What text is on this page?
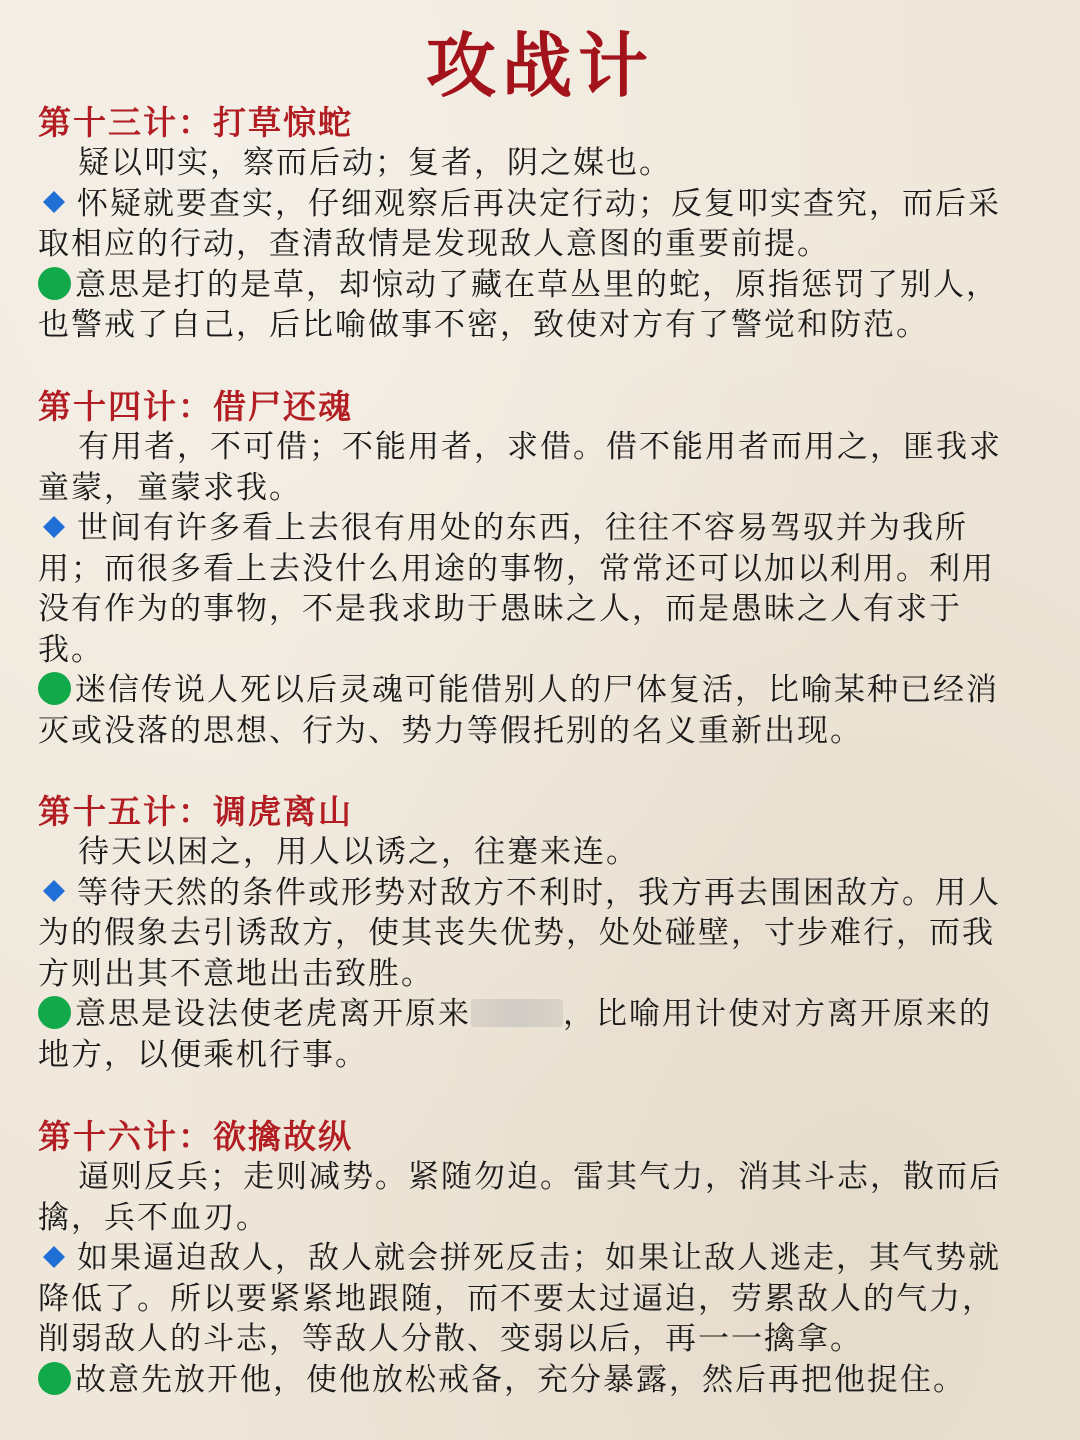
攻战计
第十三计：打草惊蛇
疑以叩实，察而后动；复者，阴之媒也。
怀疑就要查实，仔细观察后再决定行动；反复叩实查究，而后采
取相应的行动，查清敌情是发现敌人意图的重要前提。
意思是打的是草，却惊动了藏在草丛里的蛇，原指惩罚了别人，
也警戒了自己，后比喻做事不密，致使对方有了警觉和防范。
第十四计：借尸还魂
有用者，不可借；不能用者，求借。借不能用者而用之，匪我求
童蒙，童蒙求我。
世间有许多看上去很有用处的东西，往往不容易驾驭并为我所
用；而很多看上去没什么用途的事物，常常还可以加以利用。利用
没有作为的事物，不是我求助于愚昧之人，而是愚昧之人有求于
我。
迷信传说人死以后灵魂可能借别人的尸体复活，比喻某种已经消
灭或没落的思想、行为、势力等假托别的名义重新出现。
第十五计：调虎离山
待天以困之，用人以诱之，往蹇来连。
等待天然的条件或形势对敌方不利时，我方再去围困敌方。用人
为的假象去引诱敌方，使其丧失优势，处处碰壁，寸步难行，而我
方则出其不意地出击致胜。
意思是设法使老虎离开原来	，比喻用计使对方离开原来的
地方，以便乘机行事。
第十六计：欲擒故纵
逼则反兵；走则减势。紧随勿迫。雷其气力，消其斗志，散而后
擒，兵不血刃。
如果逼迫敌人，敌人就会拼死反击；如果让敌人逃走，其气势就
降低了。所以要紧紧地跟随，而不要太过逼迫，劳累敌人的气力，
削弱敌人的斗志，等敌人分散、变弱以后，再一一擒拿。
故意先放开他，使他放松戒备，充分暴露，然后再把他捉住。
